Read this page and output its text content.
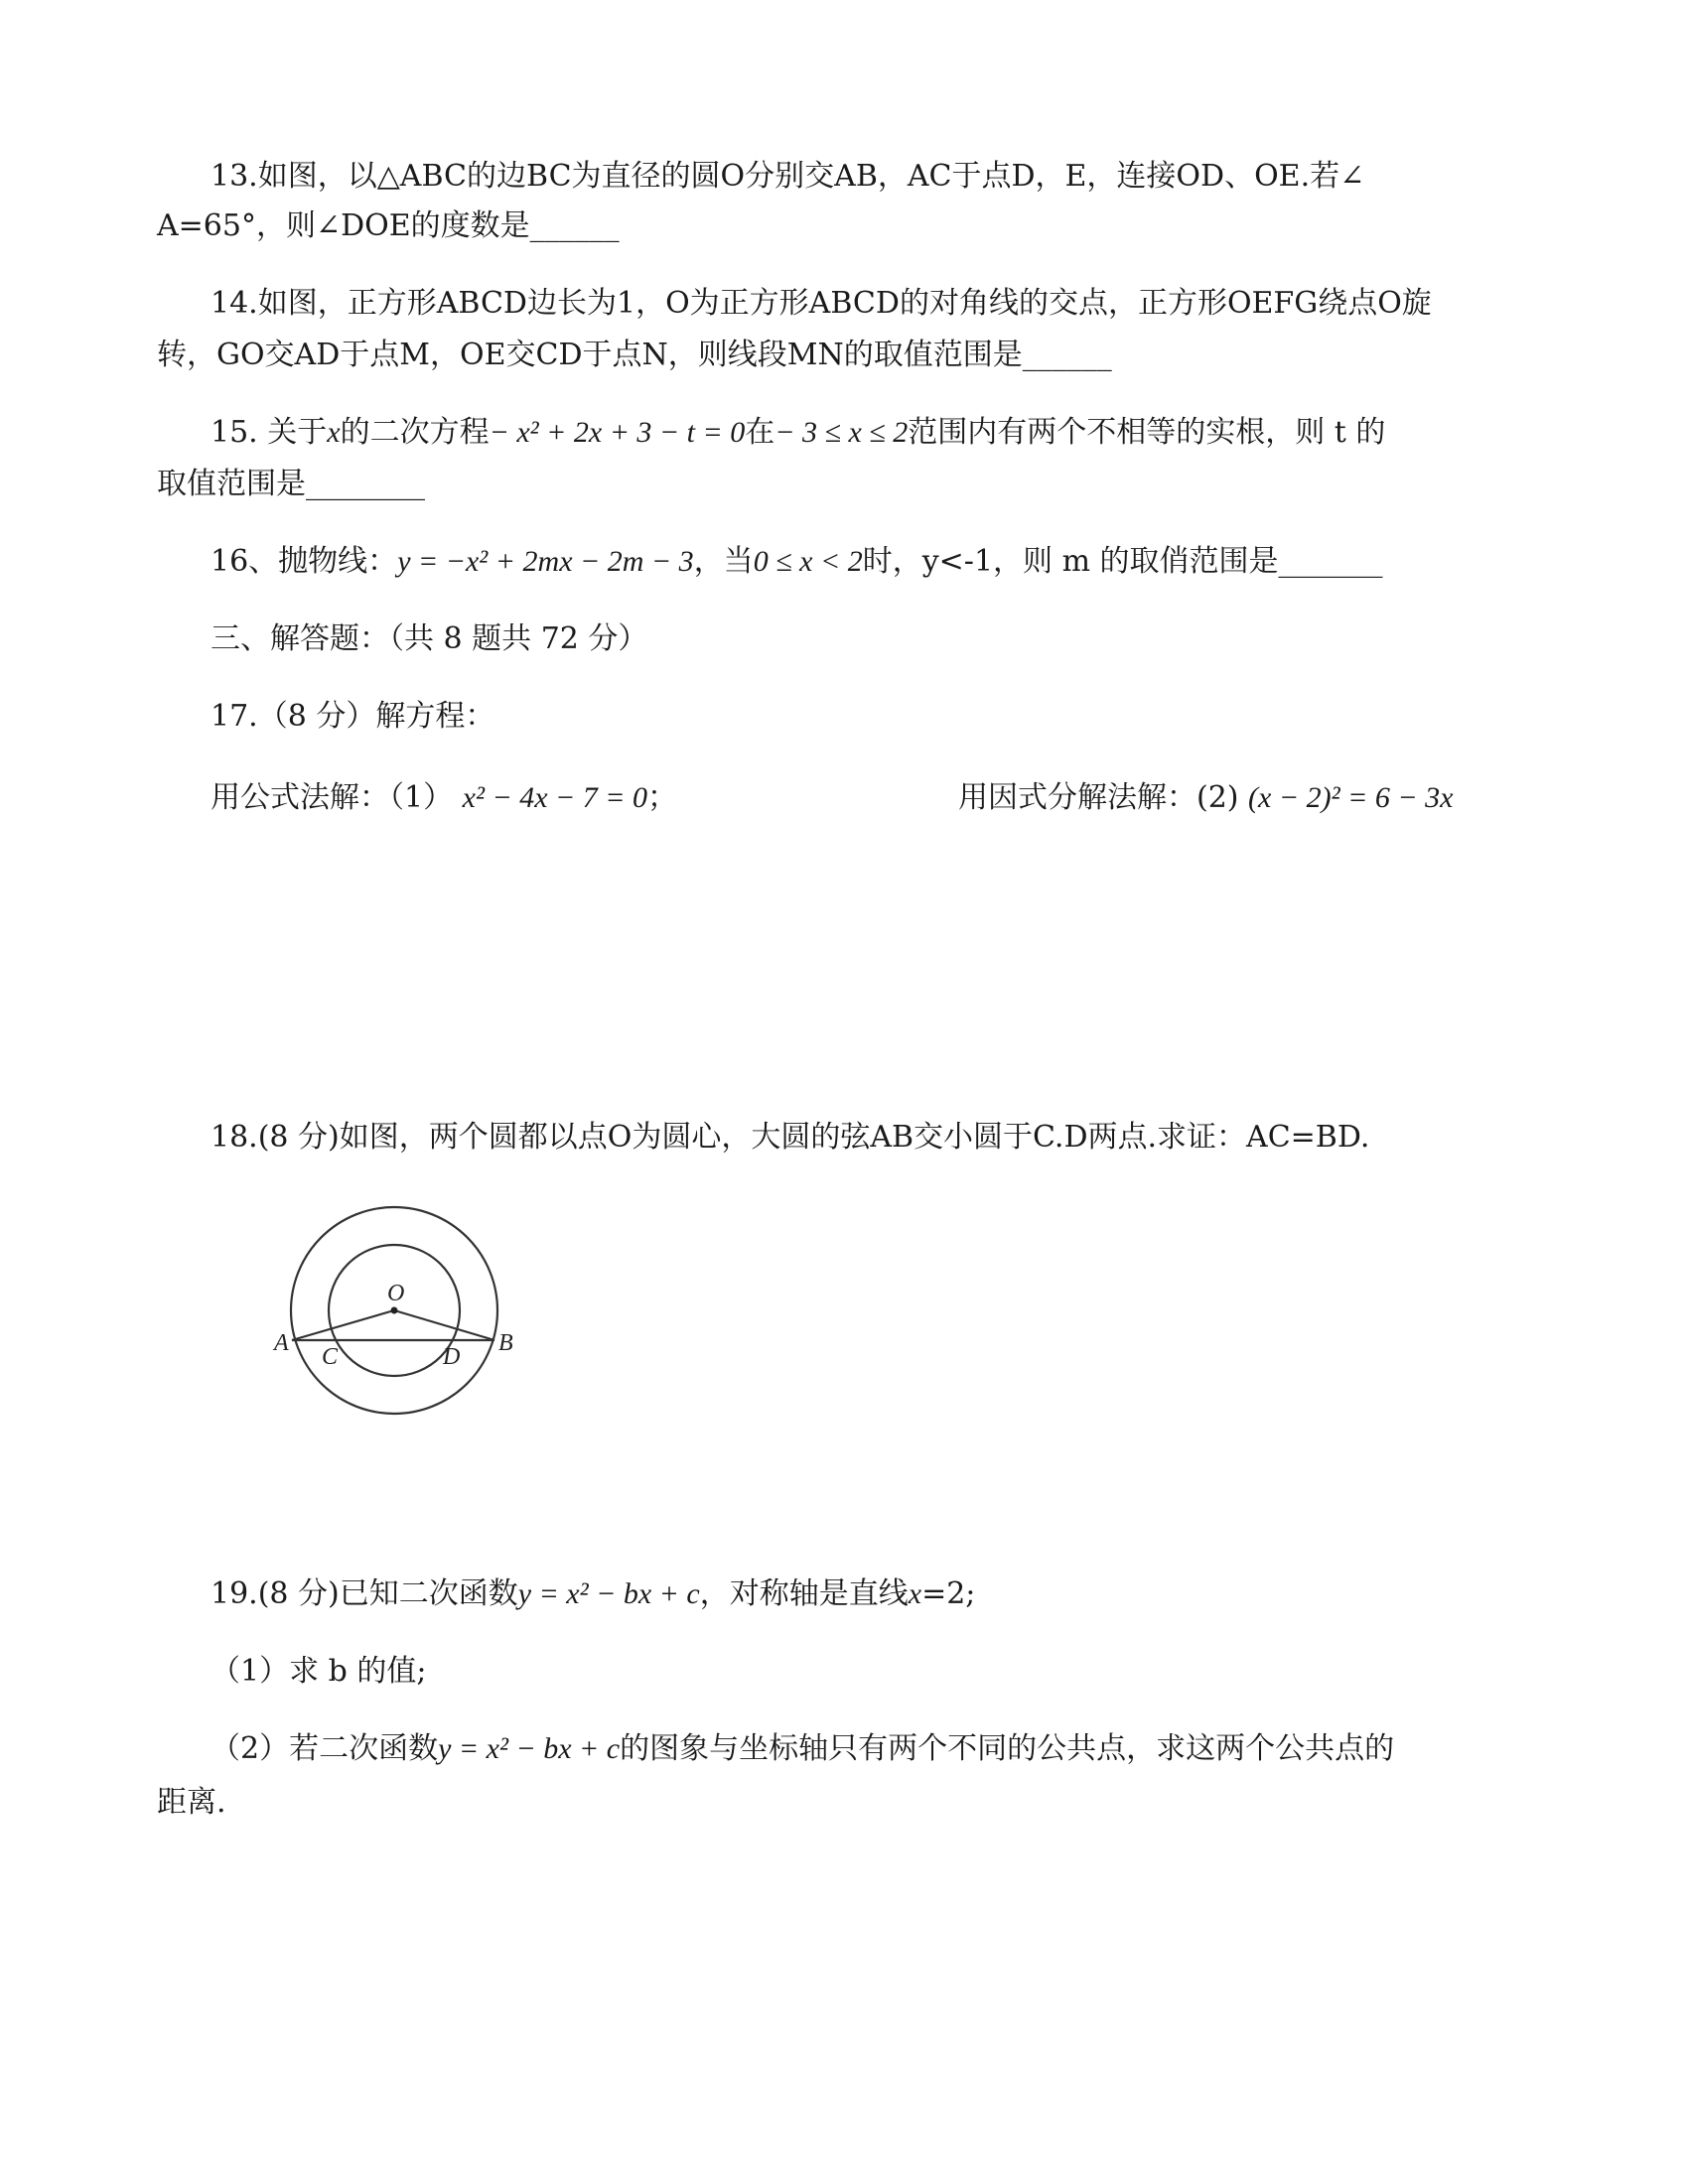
13.如图，以△ABC的边BC为直径的圆O分别交AB，AC于点D，E，连接OD、OE.若∠
A=65°，则∠DOE的度数是______
14.如图，正方形ABCD边长为1，O为正方形ABCD的对角线的交点，正方形OEFG绕点O旋
转，GO交AD于点M，OE交CD于点N，则线段MN的取值范围是______
15. 关于x的二次方程− x² + 2x + 3 − t = 0在− 3 ≤ x ≤ 2范围内有两个不相等的实根，则 t 的
取值范围是________
16、抛物线：y = −x² + 2mx − 2m − 3，当0 ≤ x < 2时，y<-1，则 m 的取俏范围是_______
三、解答题：（共 8 题共 72 分）
17.（8 分）解方程：
用公式法解：（1） x² − 4x − 7 = 0；	用因式分解法解：(2) (x − 2)² = 6 − 3x
18.(8 分)如图，两个圆都以点O为圆心，大圆的弦AB交小圆于C.D两点.求证：AC=BD.
O
A	B
C	D
19.(8 分)已知二次函数y = x² − bx + c，对称轴是直线x=2;
（1）求 b 的值;
（2）若二次函数y = x² − bx + c的图象与坐标轴只有两个不同的公共点，求这两个公共点的
距离.
